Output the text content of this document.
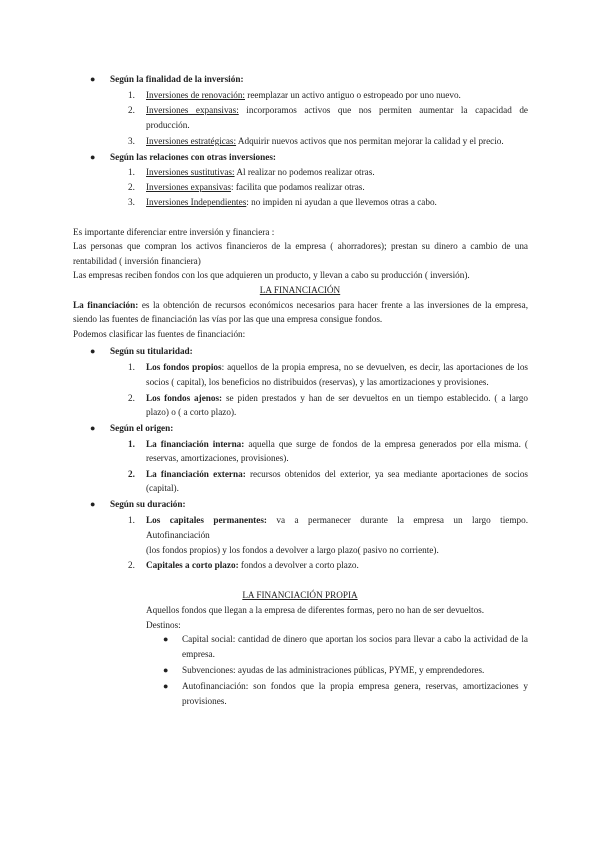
● Según la finalidad de la inversión:
1. Inversiones de renovación: reemplazar un activo antiguo o estropeado por uno nuevo.
2. Inversiones expansivas: incorporamos activos que nos permiten aumentar la capacidad de
producción.
3. Inversiones estratégicas: Adquirir nuevos activos que nos permitan mejorar la calidad y el precio.
● Según las relaciones con otras inversiones:
1. Inversiones sustitutivas: Al realizar no podemos realizar otras.
2. Inversiones expansivas: facilita que podamos realizar otras.
3. Inversiones Independientes: no impiden ni ayudan a que llevemos otras a cabo.
Es importante diferenciar entre inversión y financiera :
Las personas que compran los activos financieros de la empresa ( ahorradores); prestan su dinero a cambio de una
rentabilidad ( inversión financiera)
Las empresas reciben fondos con los que adquieren un producto, y llevan a cabo su producción ( inversión).
LA FINANCIACIÓN
La financiación: es la obtención de recursos económicos necesarios para hacer frente a las inversiones de la empresa,
siendo las fuentes de financiación las vías por las que una empresa consigue fondos.
Podemos clasificar las fuentes de financiación:
● Según su titularidad:
1. Los fondos propios: aquellos de la propia empresa, no se devuelven, es decir, las aportaciones de los
socios ( capital), los beneficios no distribuidos (reservas), y las amortizaciones y provisiones.
2. Los fondos ajenos: se piden prestados y han de ser devueltos en un tiempo establecido. ( a largo
plazo) o ( a corto plazo).
● Según el origen:
1. La financiación interna: aquella que surge de fondos de la empresa generados por ella misma. (
reservas, amortizaciones, provisiones).
2. La financiación externa: recursos obtenidos del exterior, ya sea mediante aportaciones de socios
(capital).
● Según su duración:
1. Los capitales permanentes: va a permanecer durante la empresa un largo tiempo.
Autofinanciación
(los fondos propios) y los fondos a devolver a largo plazo( pasivo no corriente).
2. Capitales a corto plazo: fondos a devolver a corto plazo.
LA FINANCIACIÓN PROPIA
Aquellos fondos que llegan a la empresa de diferentes formas, pero no han de ser devueltos.
Destinos:
● Capital social: cantidad de dinero que aportan los socios para llevar a cabo la actividad de la
empresa.
● Subvenciones: ayudas de las administraciones públicas, PYME, y emprendedores.
● Autofinanciación: son fondos que la propia empresa genera, reservas, amortizaciones y
provisiones.
